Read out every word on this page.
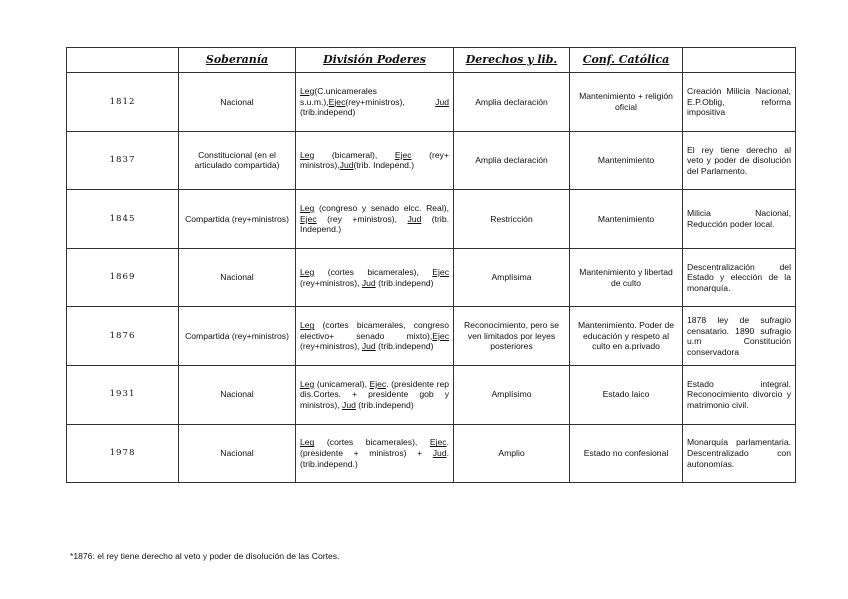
	Soberanía	División Poderes	Derechos y lib.	Conf. Católica	
1812	Nacional	Leg(C.unicamerales s.u.m.),Ejec(rey+ministros), Jud (trib.independ)	Amplia declaración	Mantenimiento + religión oficial	Creación Milicia Nacional, E.P.Oblig, reforma impositiva
1837	Constitucional (en el articulado compartida)	Leg (bicameral), Ejec (rey+ ministros),Jud(trib. Independ.)	Amplia declaración	Mantenimiento	El rey tiene derecho al veto y poder de disolución del Parlamento.
1845	Compartida (rey+ministros)	Leg (congreso y senado elcc. Real), Ejec (rey +ministros), Jud (trib. Independ.)	Restricción	Mantenimiento	Milicia Nacional, Reducción poder local.
1869	Nacional	Leg (cortes bicamerales), Ejec (rey+ministros), Jud (trib.independ)	Amplísima	Mantenimiento y libertad de culto	Descentralización del Estado y elección de la monarquía.
1876	Compartida (rey+ministros)	Leg (cortes bicamerales, congreso electivo+ senado mixto),Ejec (rey+ministros), Jud (trib.independ)	Reconocimiento, pero se ven limitados por leyes posteriores	Mantenimiento. Poder de educación y respeto al culto en a.privado	1878 ley de sufragio censatario. 1890 sufragio u.m Constitución conservadora
1931	Nacional	Leg (unicameral), Ejec. (presidente rep dis.Cortes. + presidente gob y ministros), Jud (trib.independ)	Amplísimo	Estado laico	Estado integral. Reconocimiento divorcio y matrimonio civil.
1978	Nacional	Leg (cortes bicamerales), Ejec. (presidente + ministros) + Jud. (trib.independ.)	Amplio	Estado no confesional	Monarquía parlamentaria. Descentralizado con autonomías.
*1876: el rey tiene derecho al veto y poder de disolución de las Cortes.
